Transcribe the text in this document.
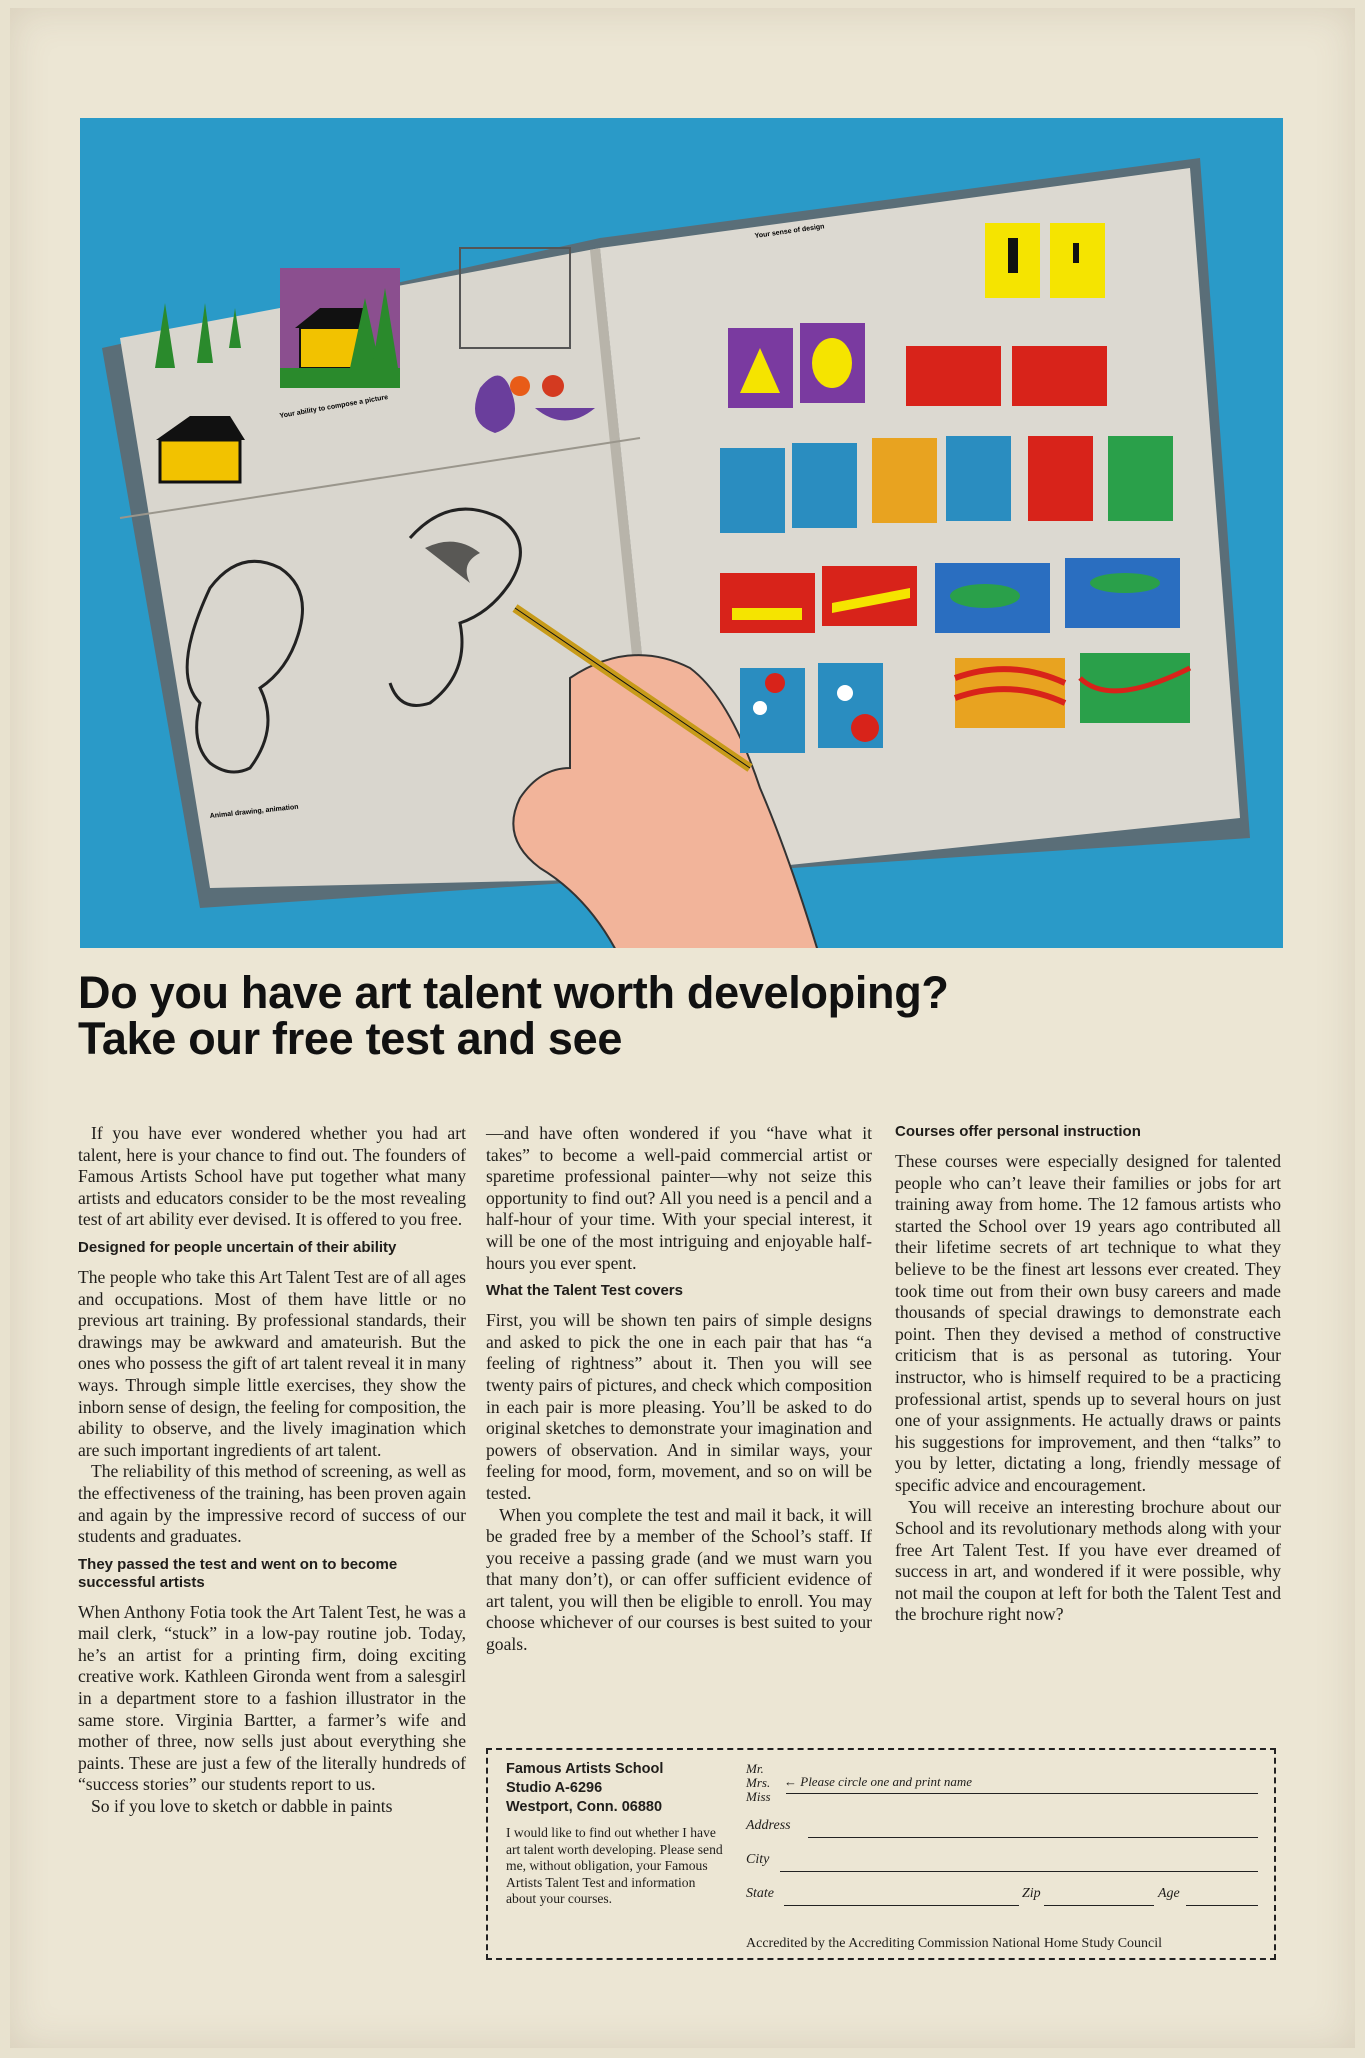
Your sense of design
Your ability to compose a picture
Animal drawing, animation
Do you have art talent worth developing?
Take our free test and see

If you have ever wondered whether you had art talent, here is your chance to find out. The founders of Famous Artists School have put together what many artists and educators consider to be the most revealing test of art ability ever devised. It is offered to you free.

Designed for people uncertain of their ability

The people who take this Art Talent Test are of all ages and occupations. Most of them have little or no previous art training. By professional standards, their drawings may be awkward and amateurish. But the ones who possess the gift of art talent reveal it in many ways. Through simple little exercises, they show the inborn sense of design, the feeling for composition, the ability to observe, and the lively imagination which are such important ingredients of art talent.

The reliability of this method of screening, as well as the effectiveness of the training, has been proven again and again by the impressive record of success of our students and graduates.

They passed the test and went on to become successful artists

When Anthony Fotia took the Art Talent Test, he was a mail clerk, “stuck” in a low-pay routine job. Today, he’s an artist for a printing firm, doing exciting creative work. Kathleen Gironda went from a salesgirl in a department store to a fashion illustrator in the same store. Virginia Bartter, a farmer’s wife and mother of three, now sells just about everything she paints. These are just a few of the literally hundreds of “success stories” our students report to us.

So if you love to sketch or dabble in paints

—and have often wondered if you “have what it takes” to become a well-paid commercial artist or sparetime professional painter—why not seize this opportunity to find out? All you need is a pencil and a half-hour of your time. With your special interest, it will be one of the most intriguing and enjoyable half-hours you ever spent.

What the Talent Test covers

First, you will be shown ten pairs of simple designs and asked to pick the one in each pair that has “a feeling of rightness” about it. Then you will see twenty pairs of pictures, and check which composition in each pair is more pleasing. You’ll be asked to do original sketches to demonstrate your imagination and powers of observation. And in similar ways, your feeling for mood, form, movement, and so on will be tested.

When you complete the test and mail it back, it will be graded free by a member of the School’s staff. If you receive a passing grade (and we must warn you that many don’t), or can offer sufficient evidence of art talent, you will then be eligible to enroll. You may choose whichever of our courses is best suited to your goals.

Courses offer personal instruction

These courses were especially designed for talented people who can’t leave their families or jobs for art training away from home. The 12 famous artists who started the School over 19 years ago contributed all their lifetime secrets of art technique to what they believe to be the finest art lessons ever created. They took time out from their own busy careers and made thousands of special drawings to demonstrate each point. Then they devised a method of constructive criticism that is as personal as tutoring. Your instructor, who is himself required to be a practicing professional artist, spends up to several hours on just one of your assignments. He actually draws or paints his suggestions for improvement, and then “talks” to you by letter, dictating a long, friendly message of specific advice and encouragement.

You will receive an interesting brochure about our School and its revolutionary methods along with your free Art Talent Test. If you have ever dreamed of success in art, and wondered if it were possible, why not mail the coupon at left for both the Talent Test and the brochure right now?

Famous Artists School
Studio A-6296
Westport, Conn. 06880
I would like to find out whether I have art talent worth developing. Please send me, without obligation, your Famous Artists Talent Test and information about your courses.
Mr.
Mrs.
Miss
← Please circle one and print name
Address
City
State	Zip	Age
Accredited by the Accrediting Commission National Home Study Council
